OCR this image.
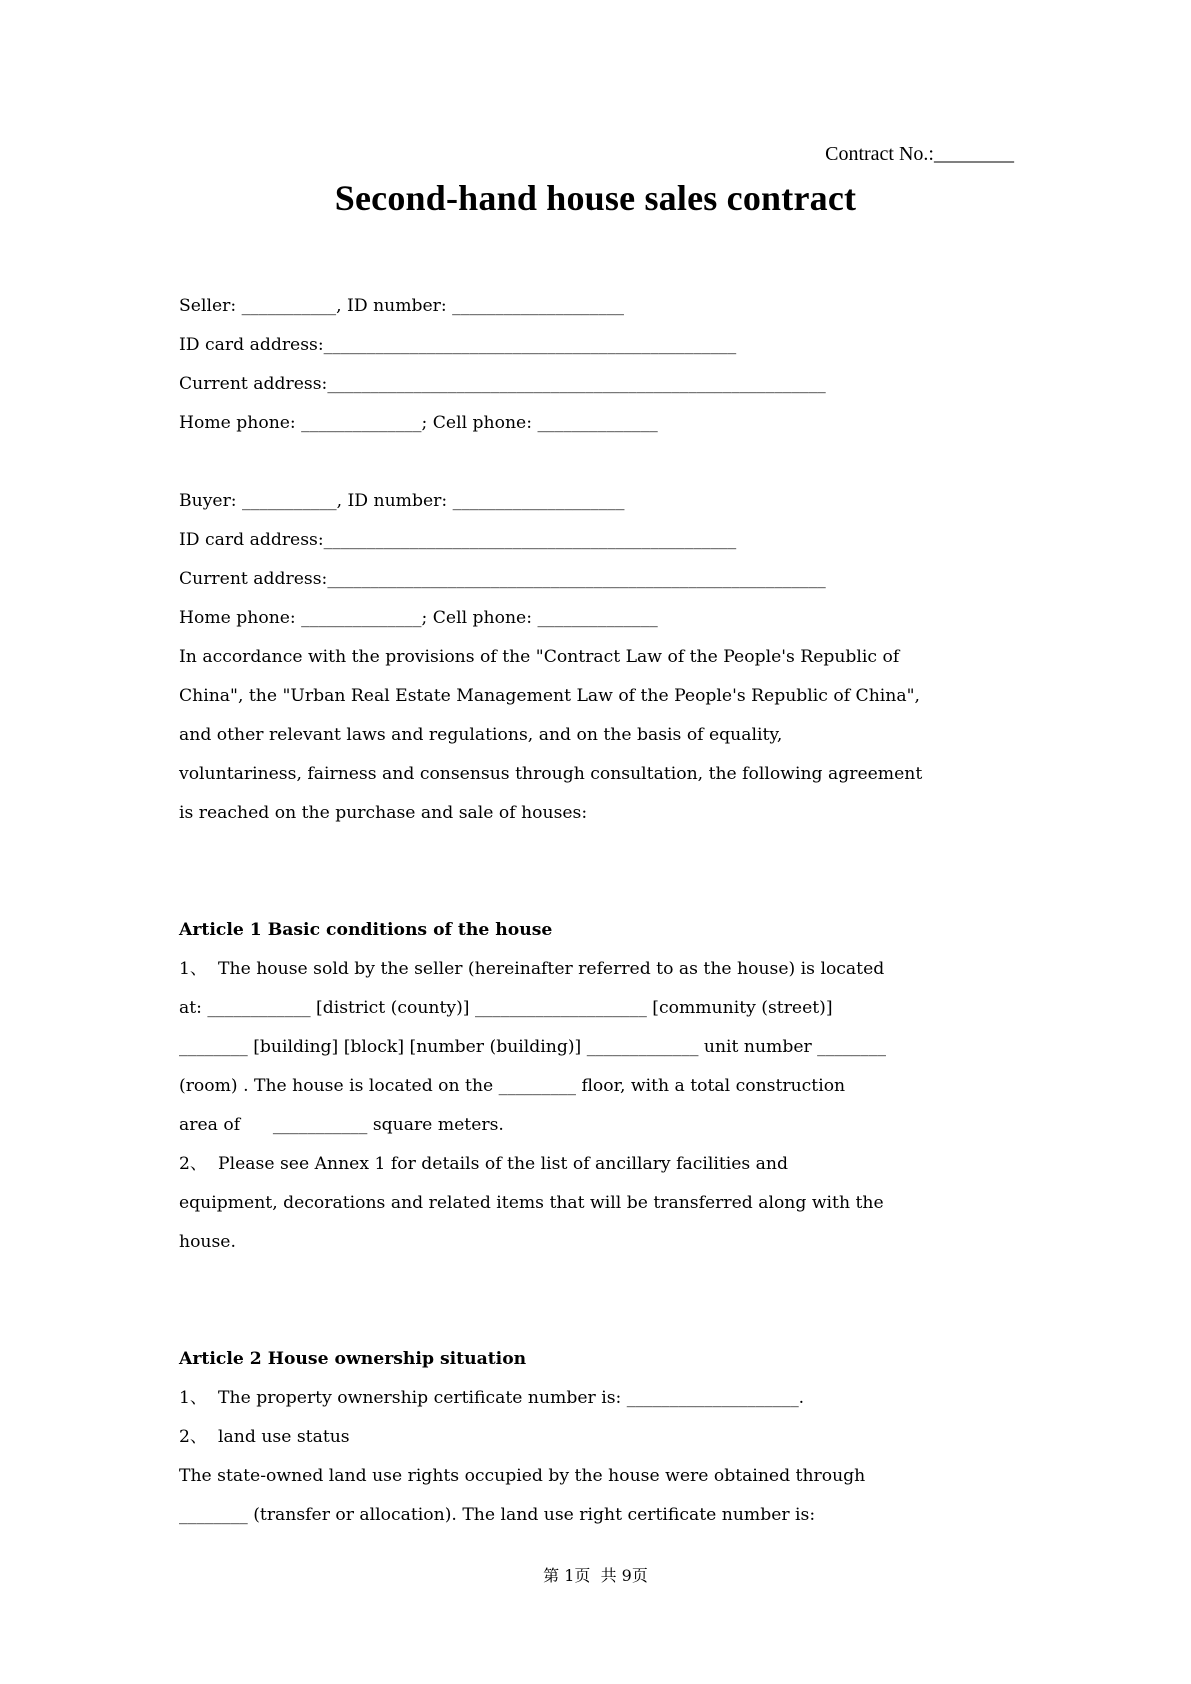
Contract No.:________
Second-hand house sales contract
Seller: ___________, ID number: ____________________
ID card address:________________________________________________
Current address:__________________________________________________________
Home phone: ______________; Cell phone: ______________
Buyer: ___________, ID number: ____________________
ID card address:________________________________________________
Current address:__________________________________________________________
Home phone: ______________; Cell phone: ______________
In accordance with the provisions of the "Contract Law of the People's Republic of
China", the "Urban Real Estate Management Law of the People's Republic of China",
and other relevant laws and regulations, and on the basis of equality,
voluntariness, fairness and consensus through consultation, the following agreement
is reached on the purchase and sale of houses:
Article 1 Basic conditions of the house
1、  The house sold by the seller (hereinafter referred to as the house) is located
at: ____________ [district (county)] ____________________ [community (street)]
________ [building] [block] [number (building)] _____________ unit number ________
(room) . The house is located on the _________ floor, with a total construction
area of      ___________ square meters.
2、  Please see Annex 1 for details of the list of ancillary facilities and
equipment, decorations and related items that will be transferred along with the
house.
Article 2 House ownership situation
1、  The property ownership certificate number is: ____________________.
2、  land use status
The state-owned land use rights occupied by the house were obtained through
________ (transfer or allocation). The land use right certificate number is:
第 1页  共 9页
